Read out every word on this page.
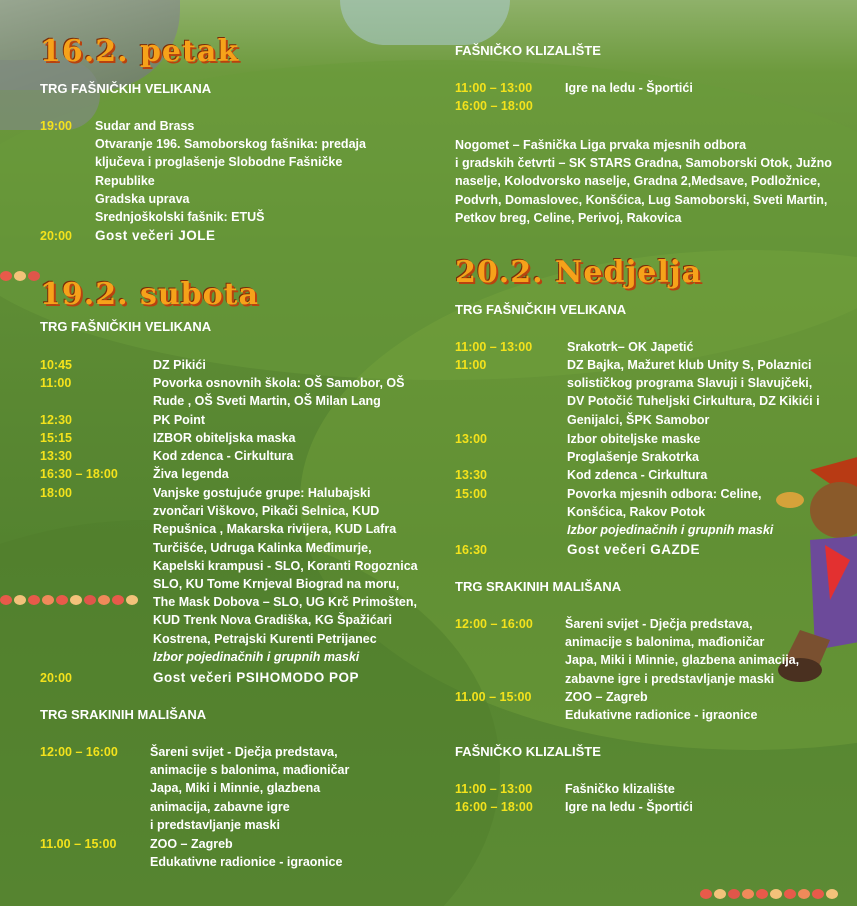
16.2. petak
TRG FAŠNIČKIH VELIKANA
19:00 Sudar and Brass
Otvaranje 196. Samoborskog fašnika: predaja
ključeva i proglašenje Slobodne Fašničke
Republike
Gradska uprava
Srednjoškolski fašnik: ETUŠ
20:00 Gost večeri JOLE
19.2. subota
TRG FAŠNIČKIH VELIKANA
10:45	DZ Pikići
11:00	Povorka osnovnih škola: OŠ Samobor, OŠ
Rude , OŠ Sveti Martin, OŠ Milan Lang
12:30	PK Point
15:15	IZBOR obiteljska maska
13:30	Kod zdenca - Cirkultura
16:30 – 18:00	Živa legenda
18:00	Vanjske gostujuće grupe: Halubajski
zvončari Viškovo, Pikači Selnica, KUD
Repušnica , Makarska rivijera, KUD Lafra
Turčišće, Udruga Kalinka Međimurje,
Kapelski krampusi - SLO, Koranti Rogoznica
SLO, KU Tome Krnjeval Biograd na moru,
The Mask Dobova – SLO, UG Krč Primošten,
KUD Trenk Nova Gradiška, KG Špažićari
Kostrena, Petrajski Kurenti Petrijanec
Izbor pojedinačnih i grupnih maski
20:00	Gost večeri PSIHOMODO POP
TRG SRAKINIH MALIŠANA
12:00 – 16:00	Šareni svijet - Dječja predstava,
animacije s balonima, mađioničar
Japa, Miki i Minnie, glazbena
animacija, zabavne igre
i predstavljanje maski
11.00 – 15:00	ZOO – Zagreb
Edukativne radionice - igraonice
FAŠNIČKO KLIZALIŠTE
11:00 – 13:00	Igre na ledu - Športići
16:00 – 18:00
Nogomet – Fašnička Liga prvaka mjesnih odbora
i gradskih četvrti – SK STARS Gradna, Samoborski Otok, Južno
naselje, Kolodvorsko naselje, Gradna 2,Medsave, Podložnice,
Podvrh, Domaslovec, Konšćica, Lug Samoborski, Sveti Martin,
Petkov breg, Celine, Perivoj, Rakovica
20.2. Nedjelja
TRG FAŠNIČKIH VELIKANA
11:00 – 13:00	Srakotrk– OK Japetić
11:00	DZ Bajka, Mažuret klub Unity S, Polaznici
solističkog programa Slavuji i Slavujčeki,
DV Potočić Tuheljski Cirkultura, DZ Kikići i
Genijalci, ŠPK Samobor
13:00	Izbor obiteljske maske
Proglašenje Srakotrka
13:30	Kod zdenca - Cirkultura
15:00	Povorka mjesnih odbora: Celine,
Konšćica, Rakov Potok
Izbor pojedinačnih i grupnih maski
16:30	Gost večeri GAZDE
TRG SRAKINIH MALIŠANA
12:00 – 16:00	Šareni svijet - Dječja predstava,
animacije s balonima, mađioničar
Japa, Miki i Minnie, glazbena animacija,
zabavne igre i predstavljanje maski
11.00 – 15:00	ZOO – Zagreb
Edukativne radionice - igraonice
FAŠNIČKO KLIZALIŠTE
11:00 – 13:00	Fašničko klizalište
16:00 – 18:00	Igre na ledu - Športići
